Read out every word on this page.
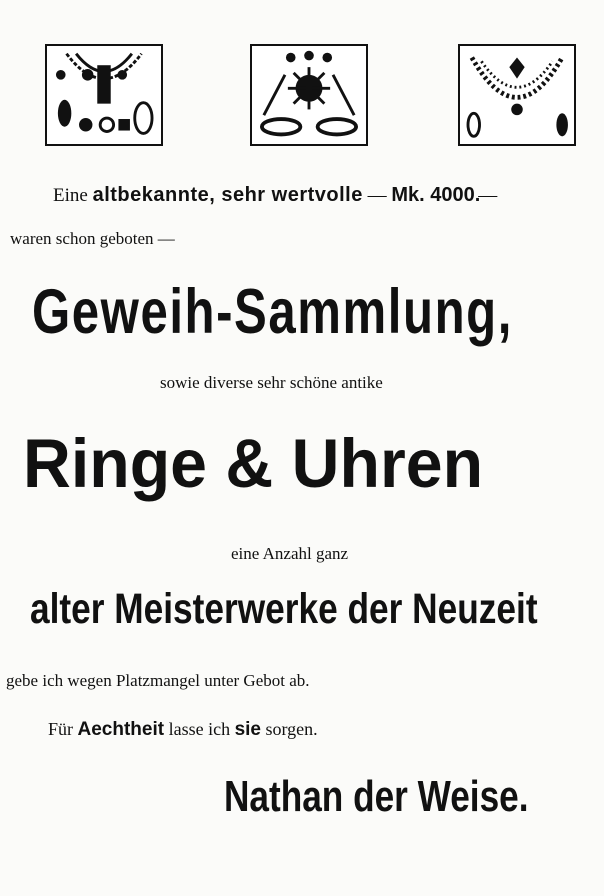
Eine altbekannte, sehr wertvolle — Mk. 4000.—
waren schon geboten —
Geweih-Sammlung,
sowie diverse sehr schöne antike
Ringe & Uhren
eine Anzahl ganz
alter Meisterwerke der Neuzeit
gebe ich wegen Platzmangel unter Gebot ab.
Für Aechtheit lasse ich sie sorgen.
Nathan der Weise.
